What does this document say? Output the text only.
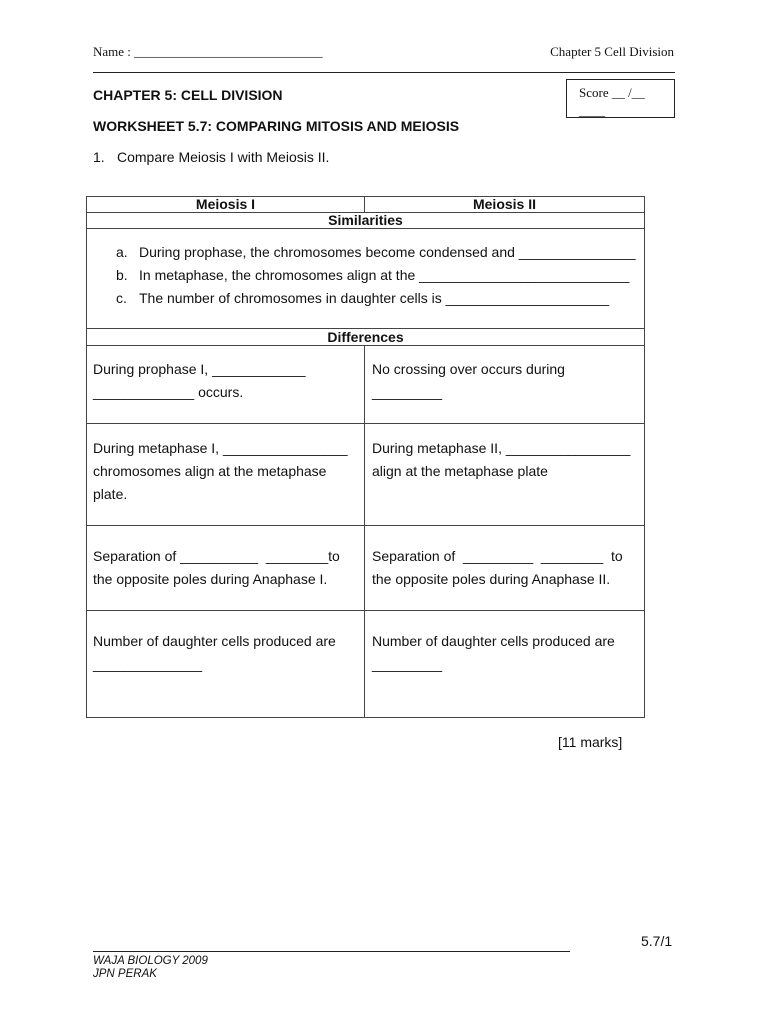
Name : _____________________________	Chapter 5 Cell Division
Score __ /__
____
CHAPTER 5: CELL DIVISION
WORKSHEET 5.7: COMPARING MITOSIS AND MEIOSIS
1. Compare Meiosis I with Meiosis II.
Meiosis I	Meiosis II
Similarities
a. During prophase, the chromosomes become condensed and _______________
b. In metaphase, the chromosomes align at the ___________________________
c. The number of chromosomes in daughter cells is _____________________
Differences
During prophase I, ____________
_____________ occurs.
No crossing over occurs during
_________
During metaphase I, ________________
chromosomes align at the metaphase
plate.
During metaphase II, ________________
align at the metaphase plate
Separation of __________  ________to
the opposite poles during Anaphase I.
Separation of  _________  ________  to
the opposite poles during Anaphase II.
Number of daughter cells produced are
______________
Number of daughter cells produced are
_________
[11 marks]
5.7/1
WAJA BIOLOGY 2009
JPN PERAK
